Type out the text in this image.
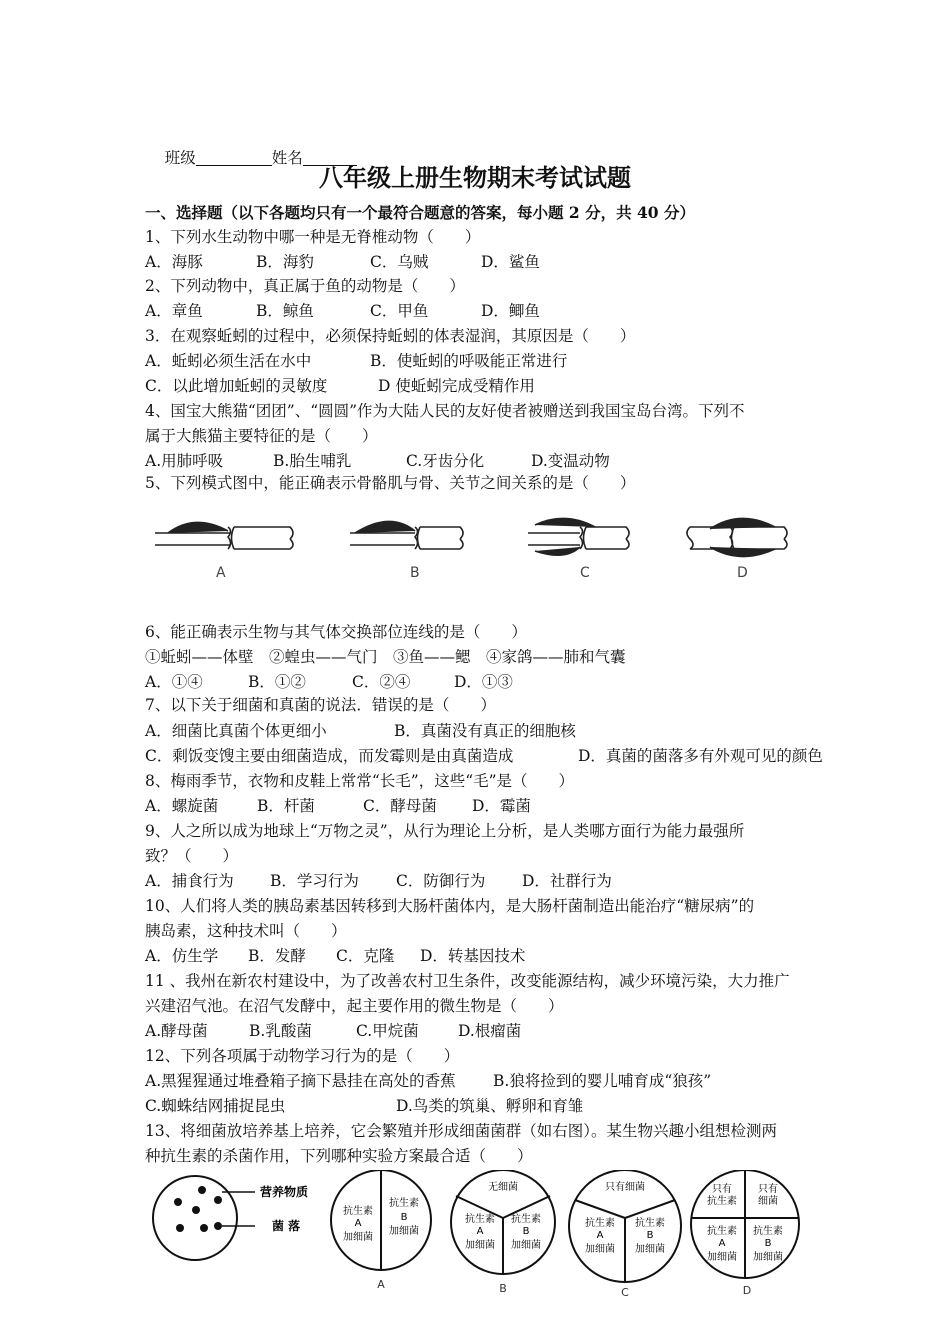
班级	姓名

八年级上册生物期末考试试题
一、选择题（以下各题均只有一个最符合题意的答案，每小题 2 分，共 40 分）
1、下列水生动物中哪一种是无脊椎动物（　　）
A．海豚	B．海豹	C．乌贼	D．鲨鱼
2、下列动物中，真正属于鱼的动物是（　　）
A．章鱼	B．鲸鱼	C．甲鱼	D．鲫鱼
3．在观察蚯蚓的过程中，必须保持蚯蚓的体表湿润，其原因是（　　）
A．蚯蚓必须生活在水中	B．使蚯蚓的呼吸能正常进行
C．以此增加蚯蚓的灵敏度	D 使蚯蚓完成受精作用
4、国宝大熊猫“团团”、“圆圆”作为大陆人民的友好使者被赠送到我国宝岛台湾。下列不
属于大熊猫主要特征的是（　　）
A.用肺呼吸	B.胎生哺乳	C.牙齿分化	D.变温动物
5、下列模式图中，能正确表示骨骼肌与骨、关节之间关系的是（　　）
A	B	C	D
6、能正确表示生物与其气体交换部位连线的是（　　）
①蚯蚓——体壁　②蝗虫——气门　③鱼——鳃　④家鸽——肺和气囊
A．①④	B．①②	C．②④	D．①③
7、以下关于细菌和真菌的说法．错误的是（　　）
A．细菌比真菌个体更细小	B．真菌没有真正的细胞核
C．剩饭变馊主要由细菌造成，而发霉则是由真菌造成	D．真菌的菌落多有外观可见的颜色
8、梅雨季节，衣物和皮鞋上常常“长毛”，这些“毛”是（　　）
A．螺旋菌	B．杆菌	C．酵母菌 D．霉菌
9、人之所以成为地球上“万物之灵”，从行为理论上分析，是人类哪方面行为能力最强所
致？（　　）
A．捕食行为 B．学习行为 C．防御行为 D．社群行为
10、人们将人类的胰岛素基因转移到大肠杆菌体内，是大肠杆菌制造出能治疗“糖尿病”的
胰岛素，这种技术叫（　　）
A．仿生学 B．发酵 C．克隆 D．转基因技术
11 、我州在新农村建设中，为了改善农村卫生条件，改变能源结构，减少环境污染，大力推广
兴建沼气池。在沼气发酵中，起主要作用的微生物是（　　）
A.酵母菌	B.乳酸菌	C.甲烷菌	D.根瘤菌
12、下列各项属于动物学习行为的是（　　）
A.黑猩猩通过堆叠箱子摘下悬挂在高处的香蕉 B.狼将捡到的婴儿哺育成“狼孩”
C.蜘蛛结网捕捉昆虫	D.鸟类的筑巢、孵卵和育雏
13、将细菌放培养基上培养，它会繁殖并形成细菌菌群（如右图）。某生物兴趣小组想检测两
种抗生素的杀菌作用，下列哪种实验方案最合适（　　）
营养物质
菌 落
抗生素
A
加细菌
抗生素
B
加细菌
无细菌
抗生素
A
加细菌
抗生素
B
加细菌
只有细菌
抗生素
A
加细菌
抗生素
B
加细菌
只有
抗生素
只有
细菌
抗生素
A
加细菌
抗生素
B
加细菌
A	B	C	D
